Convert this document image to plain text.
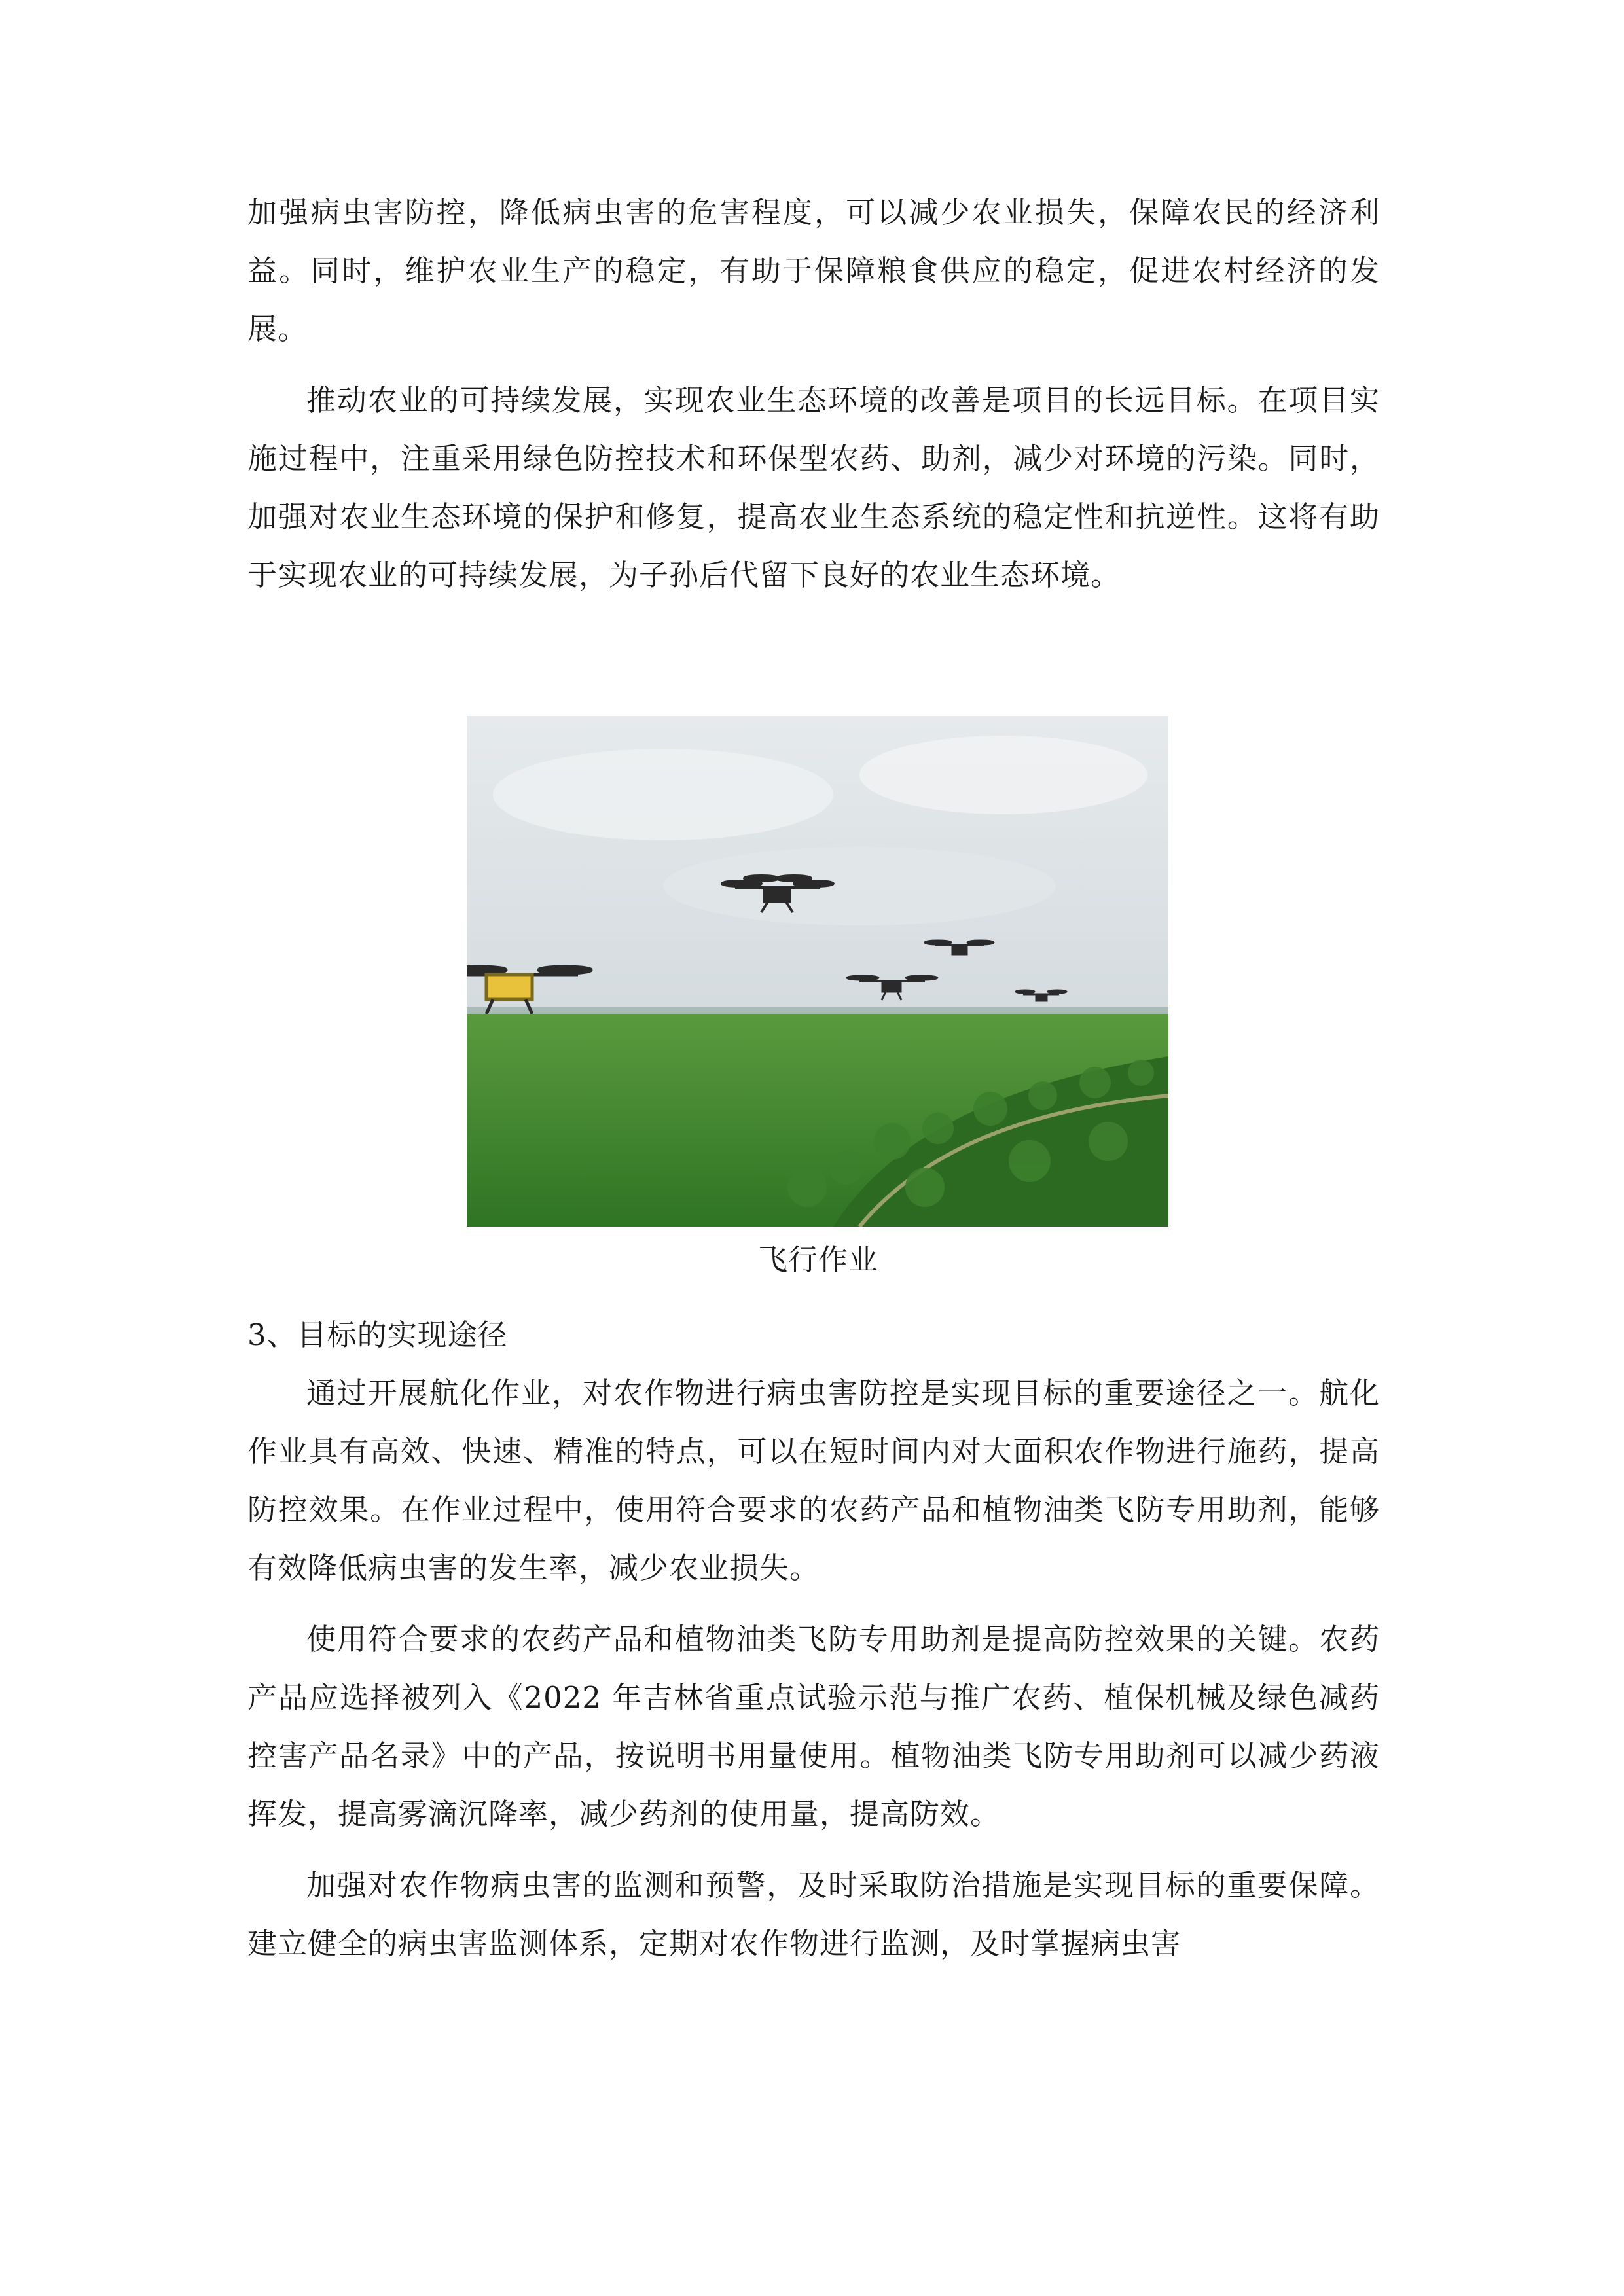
加强病虫害防控，降低病虫害的危害程度，可以减少农业损失，保障农民的经济利益。同时，维护农业生产的稳定，有助于保障粮食供应的稳定，促进农村经济的发展。

推动农业的可持续发展，实现农业生态环境的改善是项目的长远目标。在项目实施过程中，注重采用绿色防控技术和环保型农药、助剂，减少对环境的污染。同时，加强对农业生态环境的保护和修复，提高农业生态系统的稳定性和抗逆性。这将有助于实现农业的可持续发展，为子孙后代留下良好的农业生态环境。

飞行作业
3、目标的实现途径

通过开展航化作业，对农作物进行病虫害防控是实现目标的重要途径之一。航化作业具有高效、快速、精准的特点，可以在短时间内对大面积农作物进行施药，提高防控效果。在作业过程中，使用符合要求的农药产品和植物油类飞防专用助剂，能够有效降低病虫害的发生率，减少农业损失。

使用符合要求的农药产品和植物油类飞防专用助剂是提高防控效果的关键。农药产品应选择被列入《2022 年吉林省重点试验示范与推广农药、植保机械及绿色减药控害产品名录》中的产品，按说明书用量使用。植物油类飞防专用助剂可以减少药液挥发，提高雾滴沉降率，减少药剂的使用量，提高防效。

加强对农作物病虫害的监测和预警，及时采取防治措施是实现目标的重要保障。建立健全的病虫害监测体系，定期对农作物进行监测，及时掌握病虫害
